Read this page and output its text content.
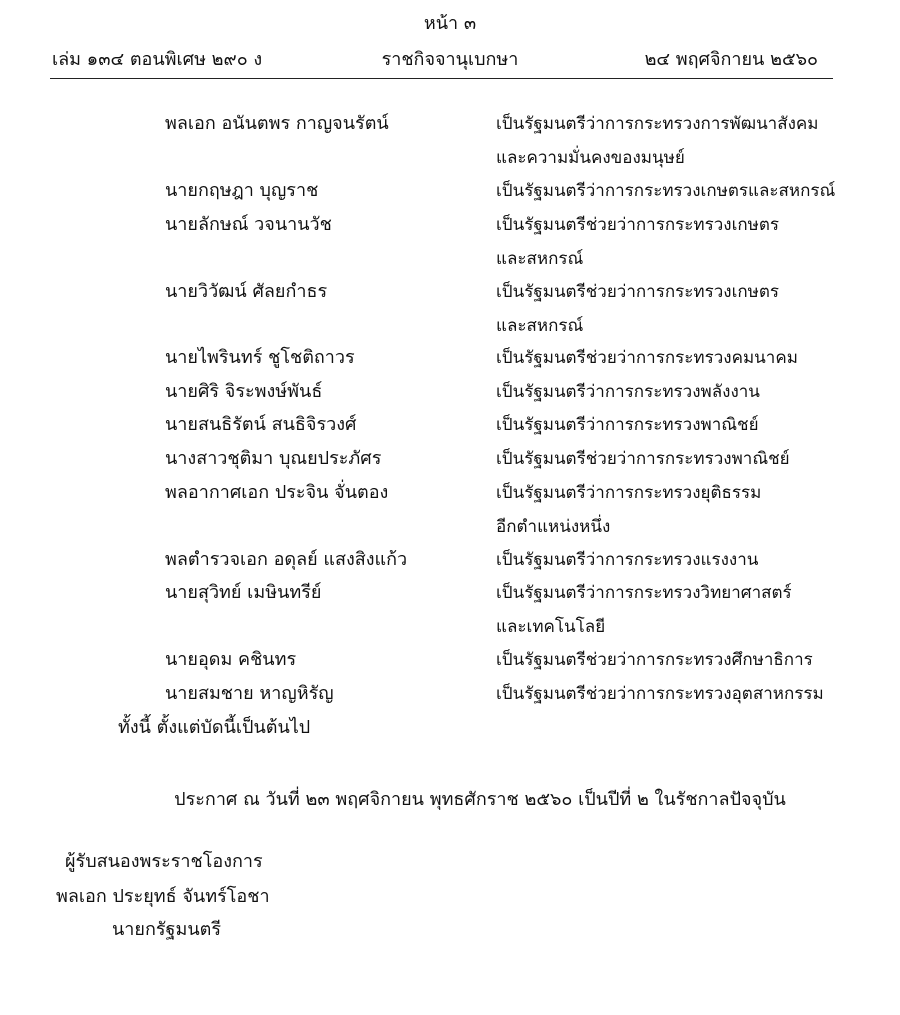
หน้า ๓
เล่ม ๑๓๔ ตอนพิเศษ ๒๙๐ ง	ราชกิจจานุเบกษา	๒๔ พฤศจิกายน ๒๕๖๐
พลเอก อนันตพร กาญจนรัตน์	เป็นรัฐมนตรีว่าการกระทรวงการพัฒนาสังคม
และความมั่นคงของมนุษย์
นายกฤษฎา บุญราช	เป็นรัฐมนตรีว่าการกระทรวงเกษตรและสหกรณ์
นายลักษณ์ วจนานวัช	เป็นรัฐมนตรีช่วยว่าการกระทรวงเกษตร
และสหกรณ์
นายวิวัฒน์ ศัลยกำธร	เป็นรัฐมนตรีช่วยว่าการกระทรวงเกษตร
และสหกรณ์
นายไพรินทร์ ชูโชติถาวร	เป็นรัฐมนตรีช่วยว่าการกระทรวงคมนาคม
นายศิริ จิระพงษ์พันธ์	เป็นรัฐมนตรีว่าการกระทรวงพลังงาน
นายสนธิรัตน์ สนธิจิรวงศ์	เป็นรัฐมนตรีว่าการกระทรวงพาณิชย์
นางสาวชุติมา บุณยประภัศร	เป็นรัฐมนตรีช่วยว่าการกระทรวงพาณิชย์
พลอากาศเอก ประจิน จั่นตอง	เป็นรัฐมนตรีว่าการกระทรวงยุติธรรม
อีกตำแหน่งหนึ่ง
พลตำรวจเอก อดุลย์ แสงสิงแก้ว	เป็นรัฐมนตรีว่าการกระทรวงแรงงาน
นายสุวิทย์ เมษินทรีย์	เป็นรัฐมนตรีว่าการกระทรวงวิทยาศาสตร์
และเทคโนโลยี
นายอุดม คชินทร	เป็นรัฐมนตรีช่วยว่าการกระทรวงศึกษาธิการ
นายสมชาย หาญหิรัญ	เป็นรัฐมนตรีช่วยว่าการกระทรวงอุตสาหกรรม
ทั้งนี้ ตั้งแต่บัดนี้เป็นต้นไป
ประกาศ ณ วันที่ ๒๓ พฤศจิกายน พุทธศักราช ๒๕๖๐ เป็นปีที่ ๒ ในรัชกาลปัจจุบัน
ผู้รับสนองพระราชโองการ
พลเอก ประยุทธ์ จันทร์โอชา
นายกรัฐมนตรี
